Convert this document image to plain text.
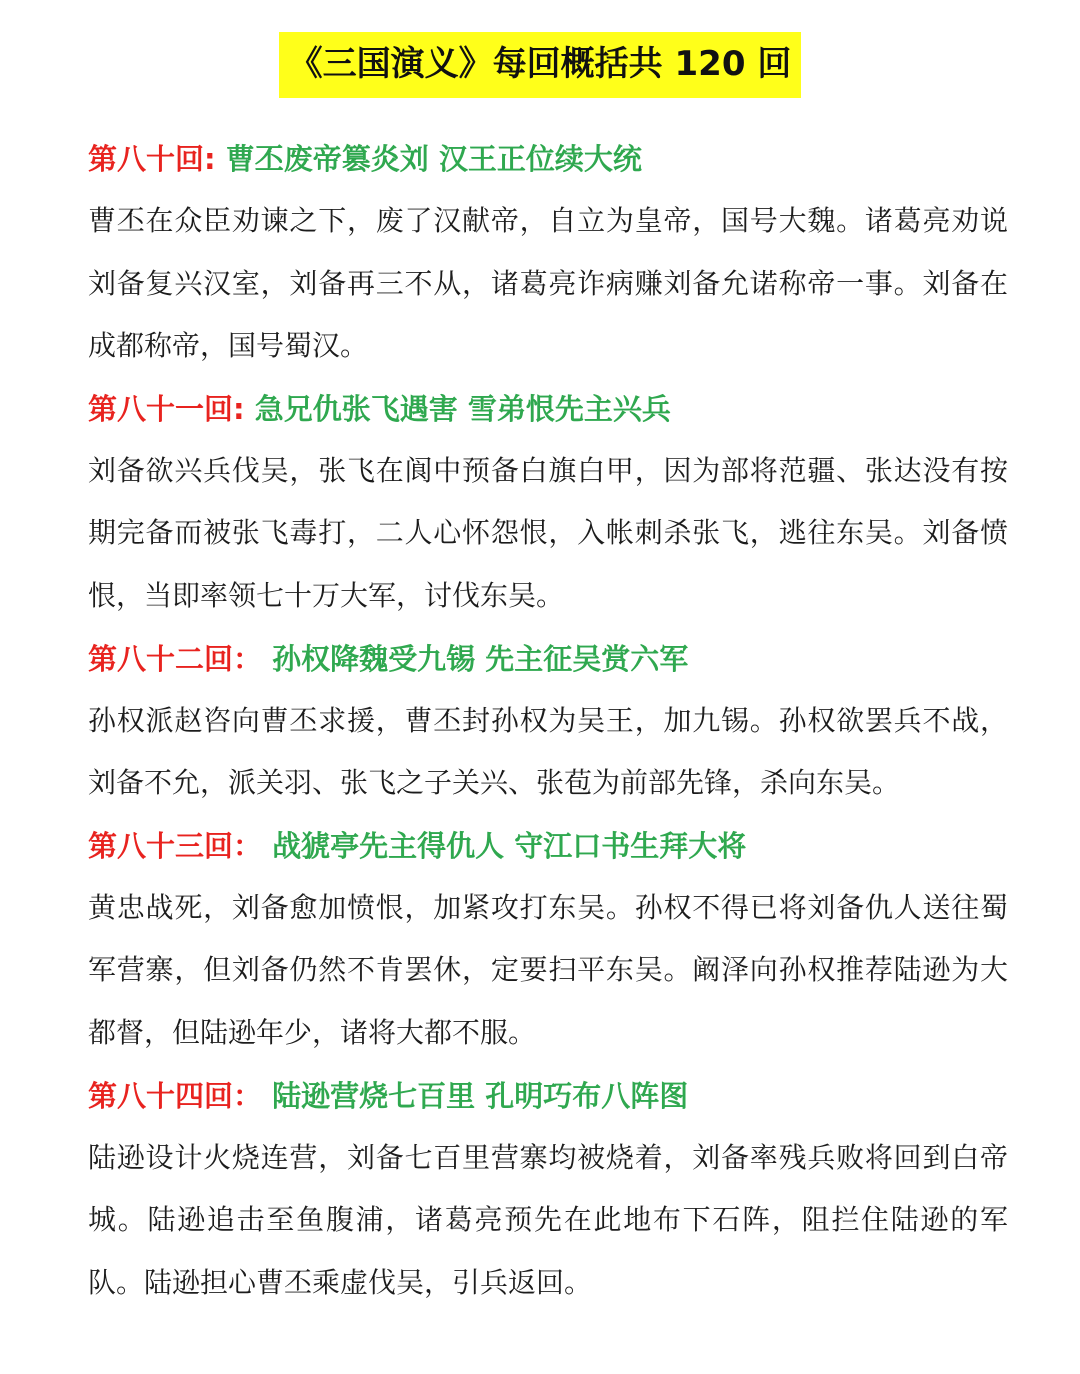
《三国演义》每回概括共 120 回
第八十回: 曹丕废帝篡炎刘 汉王正位续大统

曹丕在众臣劝谏之下，废了汉献帝，自立为皇帝，国号大魏。诸葛亮劝说刘备复兴汉室，刘备再三不从，诸葛亮诈病赚刘备允诺称帝一事。刘备在成都称帝，国号蜀汉。

第八十一回: 急兄仇张飞遇害 雪弟恨先主兴兵

刘备欲兴兵伐吴，张飞在阆中预备白旗白甲，因为部将范疆、张达没有按期完备而被张飞毒打，二人心怀怨恨，入帐刺杀张飞，逃往东吴。刘备愤恨，当即率领七十万大军，讨伐东吴。

第八十二回： 孙权降魏受九锡 先主征吴赏六军

孙权派赵咨向曹丕求援，曹丕封孙权为吴王，加九锡。孙权欲罢兵不战，刘备不允，派关羽、张飞之子关兴、张苞为前部先锋，杀向东吴。

第八十三回： 战猇亭先主得仇人 守江口书生拜大将

黄忠战死，刘备愈加愤恨，加紧攻打东吴。孙权不得已将刘备仇人送往蜀军营寨，但刘备仍然不肯罢休，定要扫平东吴。阚泽向孙权推荐陆逊为大都督，但陆逊年少，诸将大都不服。

第八十四回： 陆逊营烧七百里 孔明巧布八阵图

陆逊设计火烧连营，刘备七百里营寨均被烧着，刘备率残兵败将回到白帝城。陆逊追击至鱼腹浦，诸葛亮预先在此地布下石阵，阻拦住陆逊的军队。陆逊担心曹丕乘虚伐吴，引兵返回。
